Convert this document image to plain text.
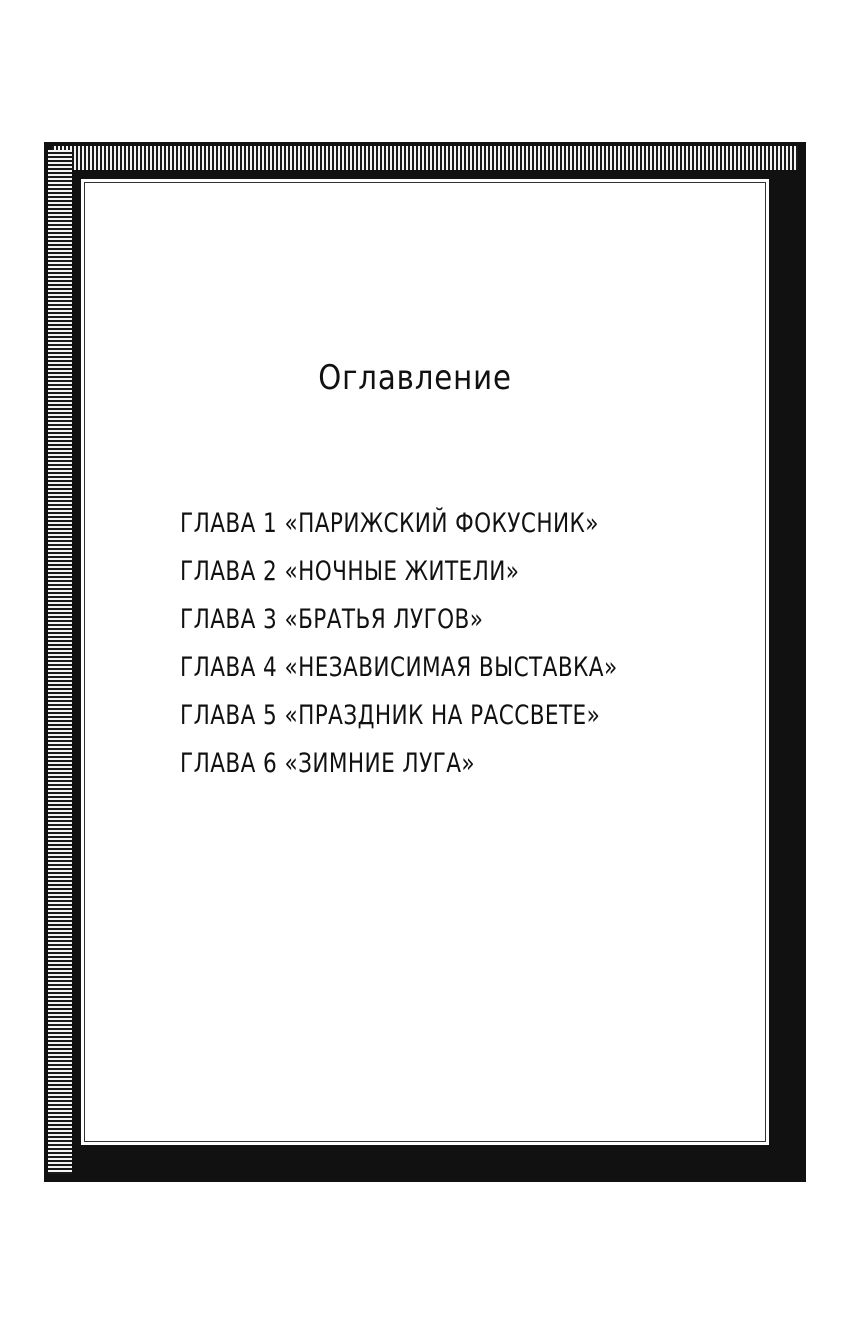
Оглавление
ГЛАВА 1 «ПАРИЖСКИЙ ФОКУСНИК»
ГЛАВА 2 «НОЧНЫЕ ЖИТЕЛИ»
ГЛАВА 3 «БРАТЬЯ ЛУГОВ»
ГЛАВА 4 «НЕЗАВИСИМАЯ ВЫСТАВКА»
ГЛАВА 5 «ПРАЗДНИК НА РАССВЕТЕ»
ГЛАВА 6 «ЗИМНИЕ ЛУГА»
